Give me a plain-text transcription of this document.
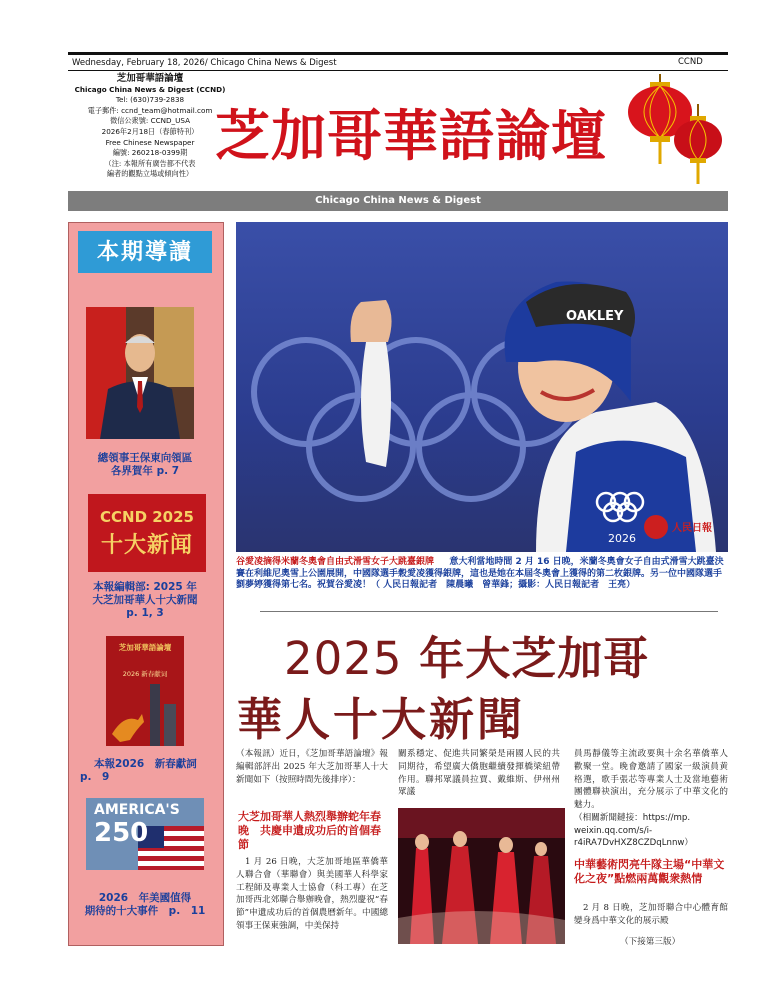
Wednesday, February 18, 2026/ Chicago China News & Digest	CCND
芝加哥華語論壇
Chicago China News & Digest (CCND)
Tel: (630)739-2838
電子郵件: ccnd_team@hotmail.com
微信公衆號: CCND_USA
2026年2月18日（春節特刊）
Free Chinese Newspaper
編號: 260218-0399期
（注: 本報所有廣告都不代表
編者的觀點立場或傾向性）
芝加哥華語論壇
Chicago China News & Digest
本期導讀
總領事王保東向領區
各界賀年 p. 7
CCND 2025
十大新闻
本報編輯部: 2025 年
大芝加哥華人十大新聞
p. 1, 3
芝加哥華語論壇
2026 新春献词
本報2026　新春獻詞
p.　9
AMERICA'S
250
2026　年美國值得
期待的十大事件　p.　11
2026
OAKLEY
人民日報
谷愛凌摘得米蘭冬奧會自由式滑雪女子大跳臺銀牌 　 意大利當地時間 2 月 16 日晚，米蘭冬奧會女子自由式滑雪大跳臺決賽在利維尼奧雪上公園展開，中國隊選手穀愛凌獲得銀牌，這也是她在本屆冬奧會上獲得的第二枚銀牌。另一位中國隊選手劉夢婷獲得第七名。祝賀谷愛凌！（ 人民日報記者　陳晨曦　曾華鋒；攝影：人民日報記者　王亮）
2025 年大芝加哥
華人十大新聞
（本報訊）近日，《芝加哥華語論壇》報編輯部評出 2025 年大芝加哥華人十大新聞如下（按照時間先後排序）：
大芝加哥華人熱烈舉辦蛇年春晚　共慶申遺成功后的首個春節
　1 月 26 日晚，大芝加哥地區華僑華人聯合會（華聯會）與美國華人科學家工程師及專業人士協會（科工專）在芝加哥西北郊聯合舉辦晚會，熱烈慶祝“春節”申遺成功后的首個農曆新年。中國總領事王保東強調，中美保持
關系穩定、促進共同繁榮是兩國人民的共同期待，希望廣大僑胞繼續發揮橋梁紐帶作用。聯邦眾議員拉賈、戴維斯、伊州州眾議
員馬靜儀等主流政要與十余名華僑華人歡聚一堂。晚會邀請了國家一級演員黄格選，歌手張芯等專業人士及當地藝術團體聯袂演出，充分展示了中華文化的魅力。
（相關新聞鏈接：https://mp.
weixin.qq.com/s/i-
r4iRA7DvHXZ8CZDqLnnw）
中華藝術閃亮牛隊主場“中華文化之夜”點燃兩萬觀衆熱情
　2 月 8 日晚，芝加哥聯合中心體育館變身爲中華文化的展示殿
（下接第三版）
